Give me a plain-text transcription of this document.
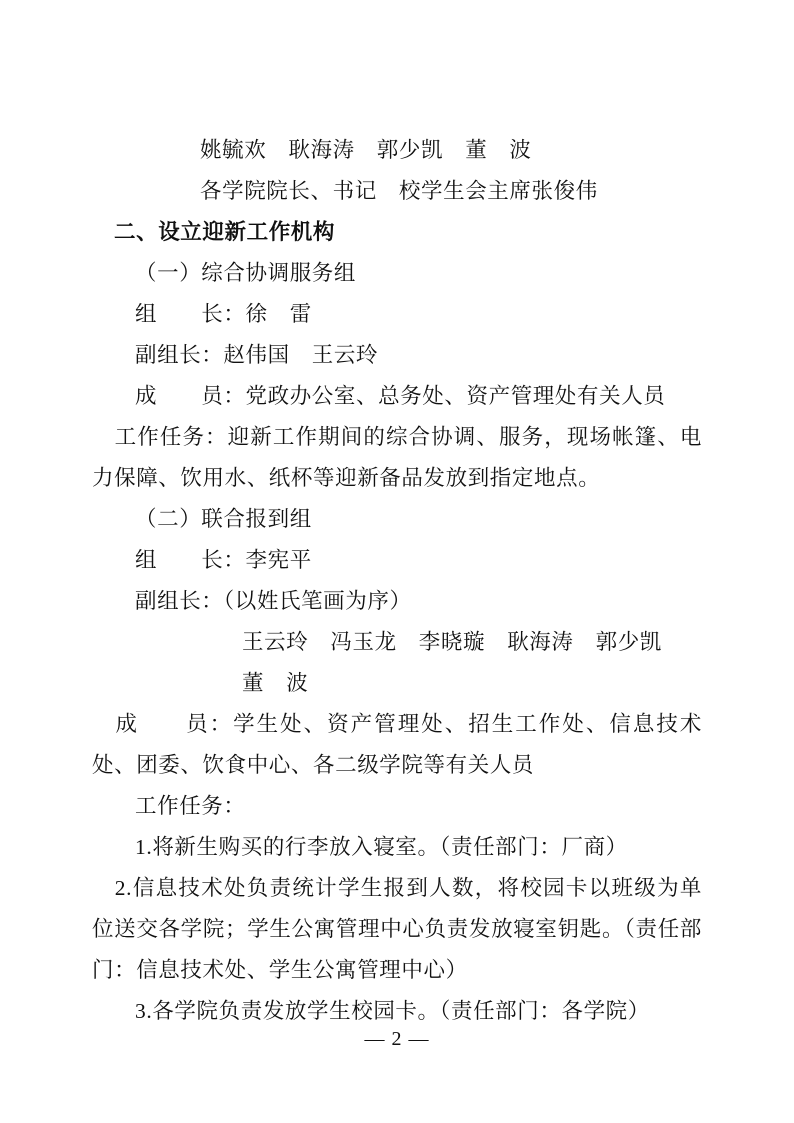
姚毓欢　耿海涛　郭少凯　董　波

各学院院长、书记　校学生会主席张俊伟

二、设立迎新工作机构

（一）综合协调服务组

组　　长：徐　雷

副组长：赵伟国　王云玲

成　　员：党政办公室、总务处、资产管理处有关人员

　工作任务：迎新工作期间的综合协调、服务，现场帐篷、电力保障、饮用水、纸杯等迎新备品发放到指定地点。

（二）联合报到组

组　　长：李宪平

副组长：（以姓氏笔画为序）

王云玲　冯玉龙　李晓璇　耿海涛　郭少凯

董　波

　成　　员：学生处、资产管理处、招生工作处、信息技术处、团委、饮食中心、各二级学院等有关人员

工作任务：

1.将新生购买的行李放入寝室。（责任部门：厂商）

　2.信息技术处负责统计学生报到人数，将校园卡以班级为单位送交各学院；学生公寓管理中心负责发放寝室钥匙。（责任部门：信息技术处、学生公寓管理中心）

3.各学院负责发放学生校园卡。（责任部门：各学院）

— 2 —
